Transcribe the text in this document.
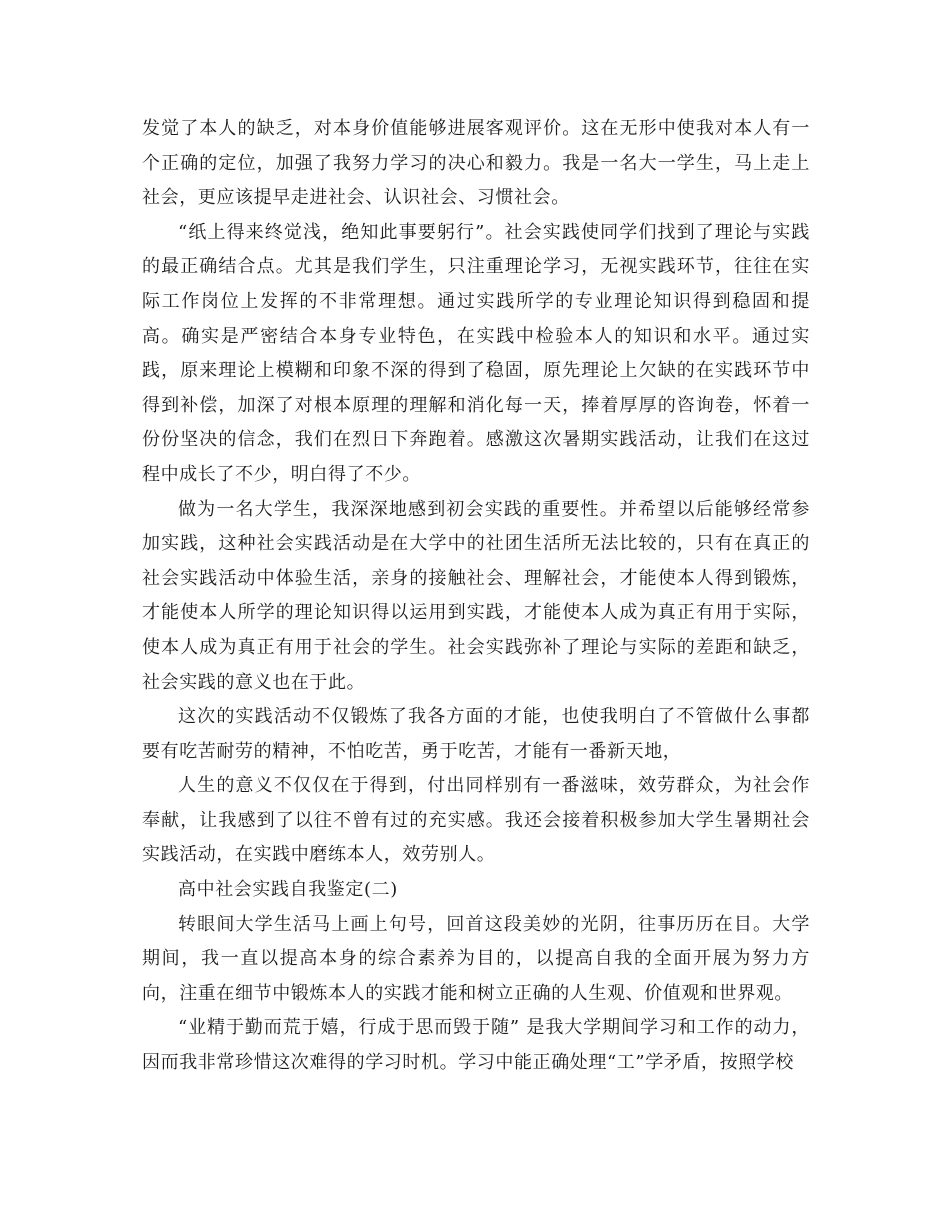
发觉了本人的缺乏，对本身价值能够进展客观评价。这在无形中使我对本人有一个正确的定位，加强了我努力学习的决心和毅力。我是一名大一学生，马上走上社会，更应该提早走进社会、认识社会、习惯社会。

“纸上得来终觉浅，绝知此事要躬行”。社会实践使同学们找到了理论与实践的最正确结合点。尤其是我们学生，只注重理论学习，无视实践环节，往往在实际工作岗位上发挥的不非常理想。通过实践所学的专业理论知识得到稳固和提高。确实是严密结合本身专业特色，在实践中检验本人的知识和水平。通过实践，原来理论上模糊和印象不深的得到了稳固，原先理论上欠缺的在实践环节中得到补偿，加深了对根本原理的理解和消化每一天，捧着厚厚的咨询卷，怀着一份份坚决的信念，我们在烈日下奔跑着。感激这次暑期实践活动，让我们在这过程中成长了不少，明白得了不少。

做为一名大学生，我深深地感到初会实践的重要性。并希望以后能够经常参加实践，这种社会实践活动是在大学中的社团生活所无法比较的，只有在真正的社会实践活动中体验生活，亲身的接触社会、理解社会，才能使本人得到锻炼，才能使本人所学的理论知识得以运用到实践，才能使本人成为真正有用于实际，使本人成为真正有用于社会的学生。社会实践弥补了理论与实际的差距和缺乏，社会实践的意义也在于此。

这次的实践活动不仅锻炼了我各方面的才能，也使我明白了不管做什么事都要有吃苦耐劳的精神，不怕吃苦，勇于吃苦，才能有一番新天地，

人生的意义不仅仅在于得到，付出同样别有一番滋味，效劳群众，为社会作奉献，让我感到了以往不曾有过的充实感。我还会接着积极参加大学生暑期社会实践活动，在实践中磨练本人，效劳别人。

高中社会实践自我鉴定(二)

转眼间大学生活马上画上句号，回首这段美妙的光阴，往事历历在目。大学期间，我一直以提高本身的综合素养为目的，以提高自我的全面开展为努力方向，注重在细节中锻炼本人的实践才能和树立正确的人生观、价值观和世界观。

“业精于勤而荒于嬉，行成于思而毁于随” 是我大学期间学习和工作的动力，因而我非常珍惜这次难得的学习时机。学习中能正确处理“工”学矛盾，按照学校
